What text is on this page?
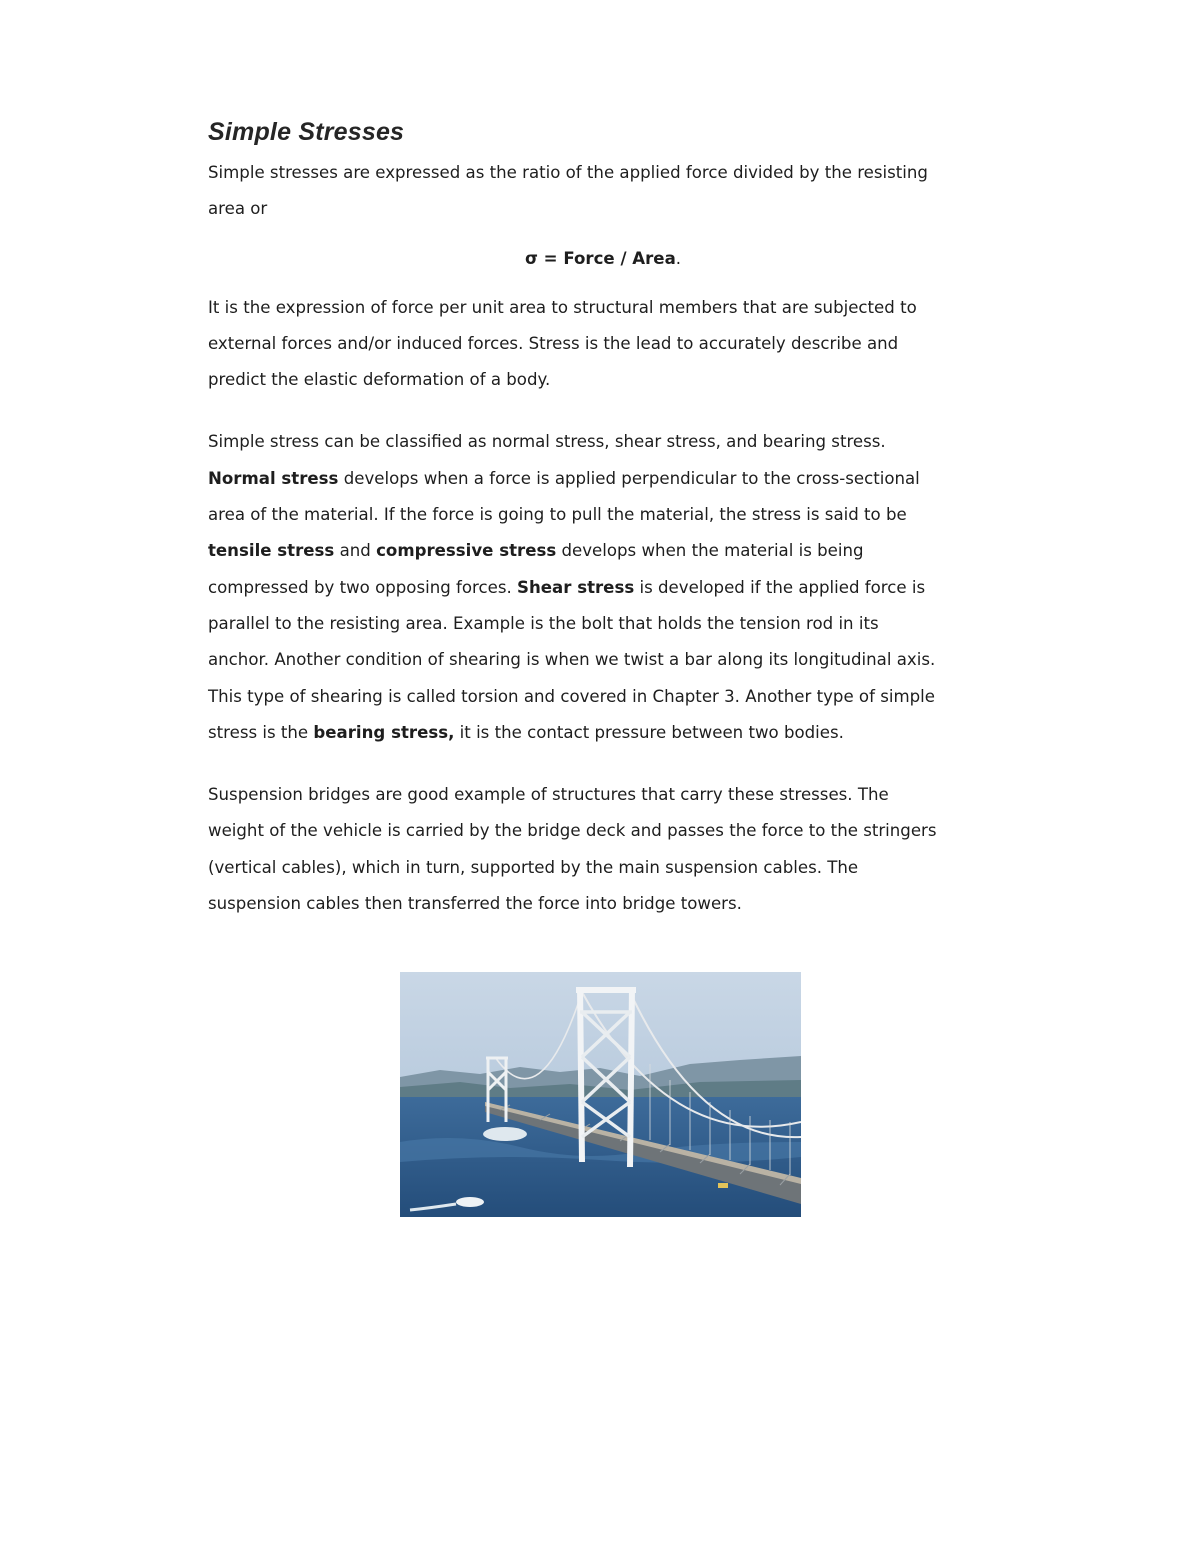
Simple Stresses

Simple stresses are expressed as the ratio of the applied force divided by the resisting
area or

σ = Force / Area.

It is the expression of force per unit area to structural members that are subjected to
external forces and/or induced forces. Stress is the lead to accurately describe and
predict the elastic deformation of a body.

Simple stress can be classified as normal stress, shear stress, and bearing stress.
Normal stress develops when a force is applied perpendicular to the cross-sectional
area of the material. If the force is going to pull the material, the stress is said to be
tensile stress and compressive stress develops when the material is being
compressed by two opposing forces. Shear stress is developed if the applied force is
parallel to the resisting area. Example is the bolt that holds the tension rod in its
anchor. Another condition of shearing is when we twist a bar along its longitudinal axis.
This type of shearing is called torsion and covered in Chapter 3. Another type of simple
stress is the bearing stress, it is the contact pressure between two bodies.

Suspension bridges are good example of structures that carry these stresses. The
weight of the vehicle is carried by the bridge deck and passes the force to the stringers
(vertical cables), which in turn, supported by the main suspension cables. The
suspension cables then transferred the force into bridge towers.
